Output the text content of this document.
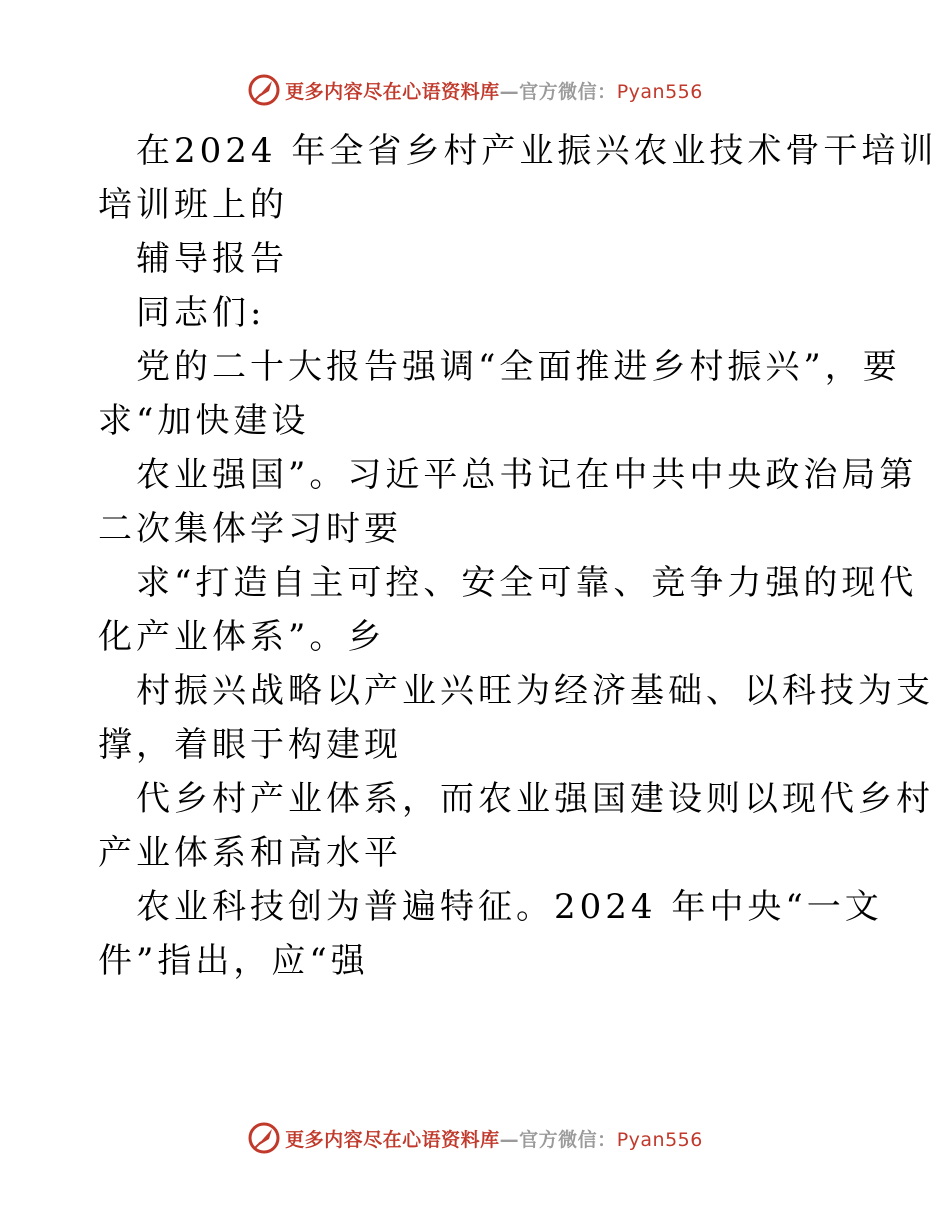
更多内容尽在心语资料库—官方微信：Pyan556
在2024 年全省乡村产业振兴农业技术骨干培训
培训班上的
辅导报告
同志们:
党的二十大报告强调“全面推进乡村振兴”，要
求“加快建设
农业强国”。习近平总书记在中共中央政治局第
二次集体学习时要
求“打造自主可控、安全可靠、竞争力强的现代
化产业体系”。乡
村振兴战略以产业兴旺为经济基础、以科技为支
撑，着眼于构建现
代乡村产业体系，而农业强国建设则以现代乡村
产业体系和高水平
农业科技创为普遍特征。2024 年中央“一文
件”指出，应“强
更多内容尽在心语资料库—官方微信：Pyan556
